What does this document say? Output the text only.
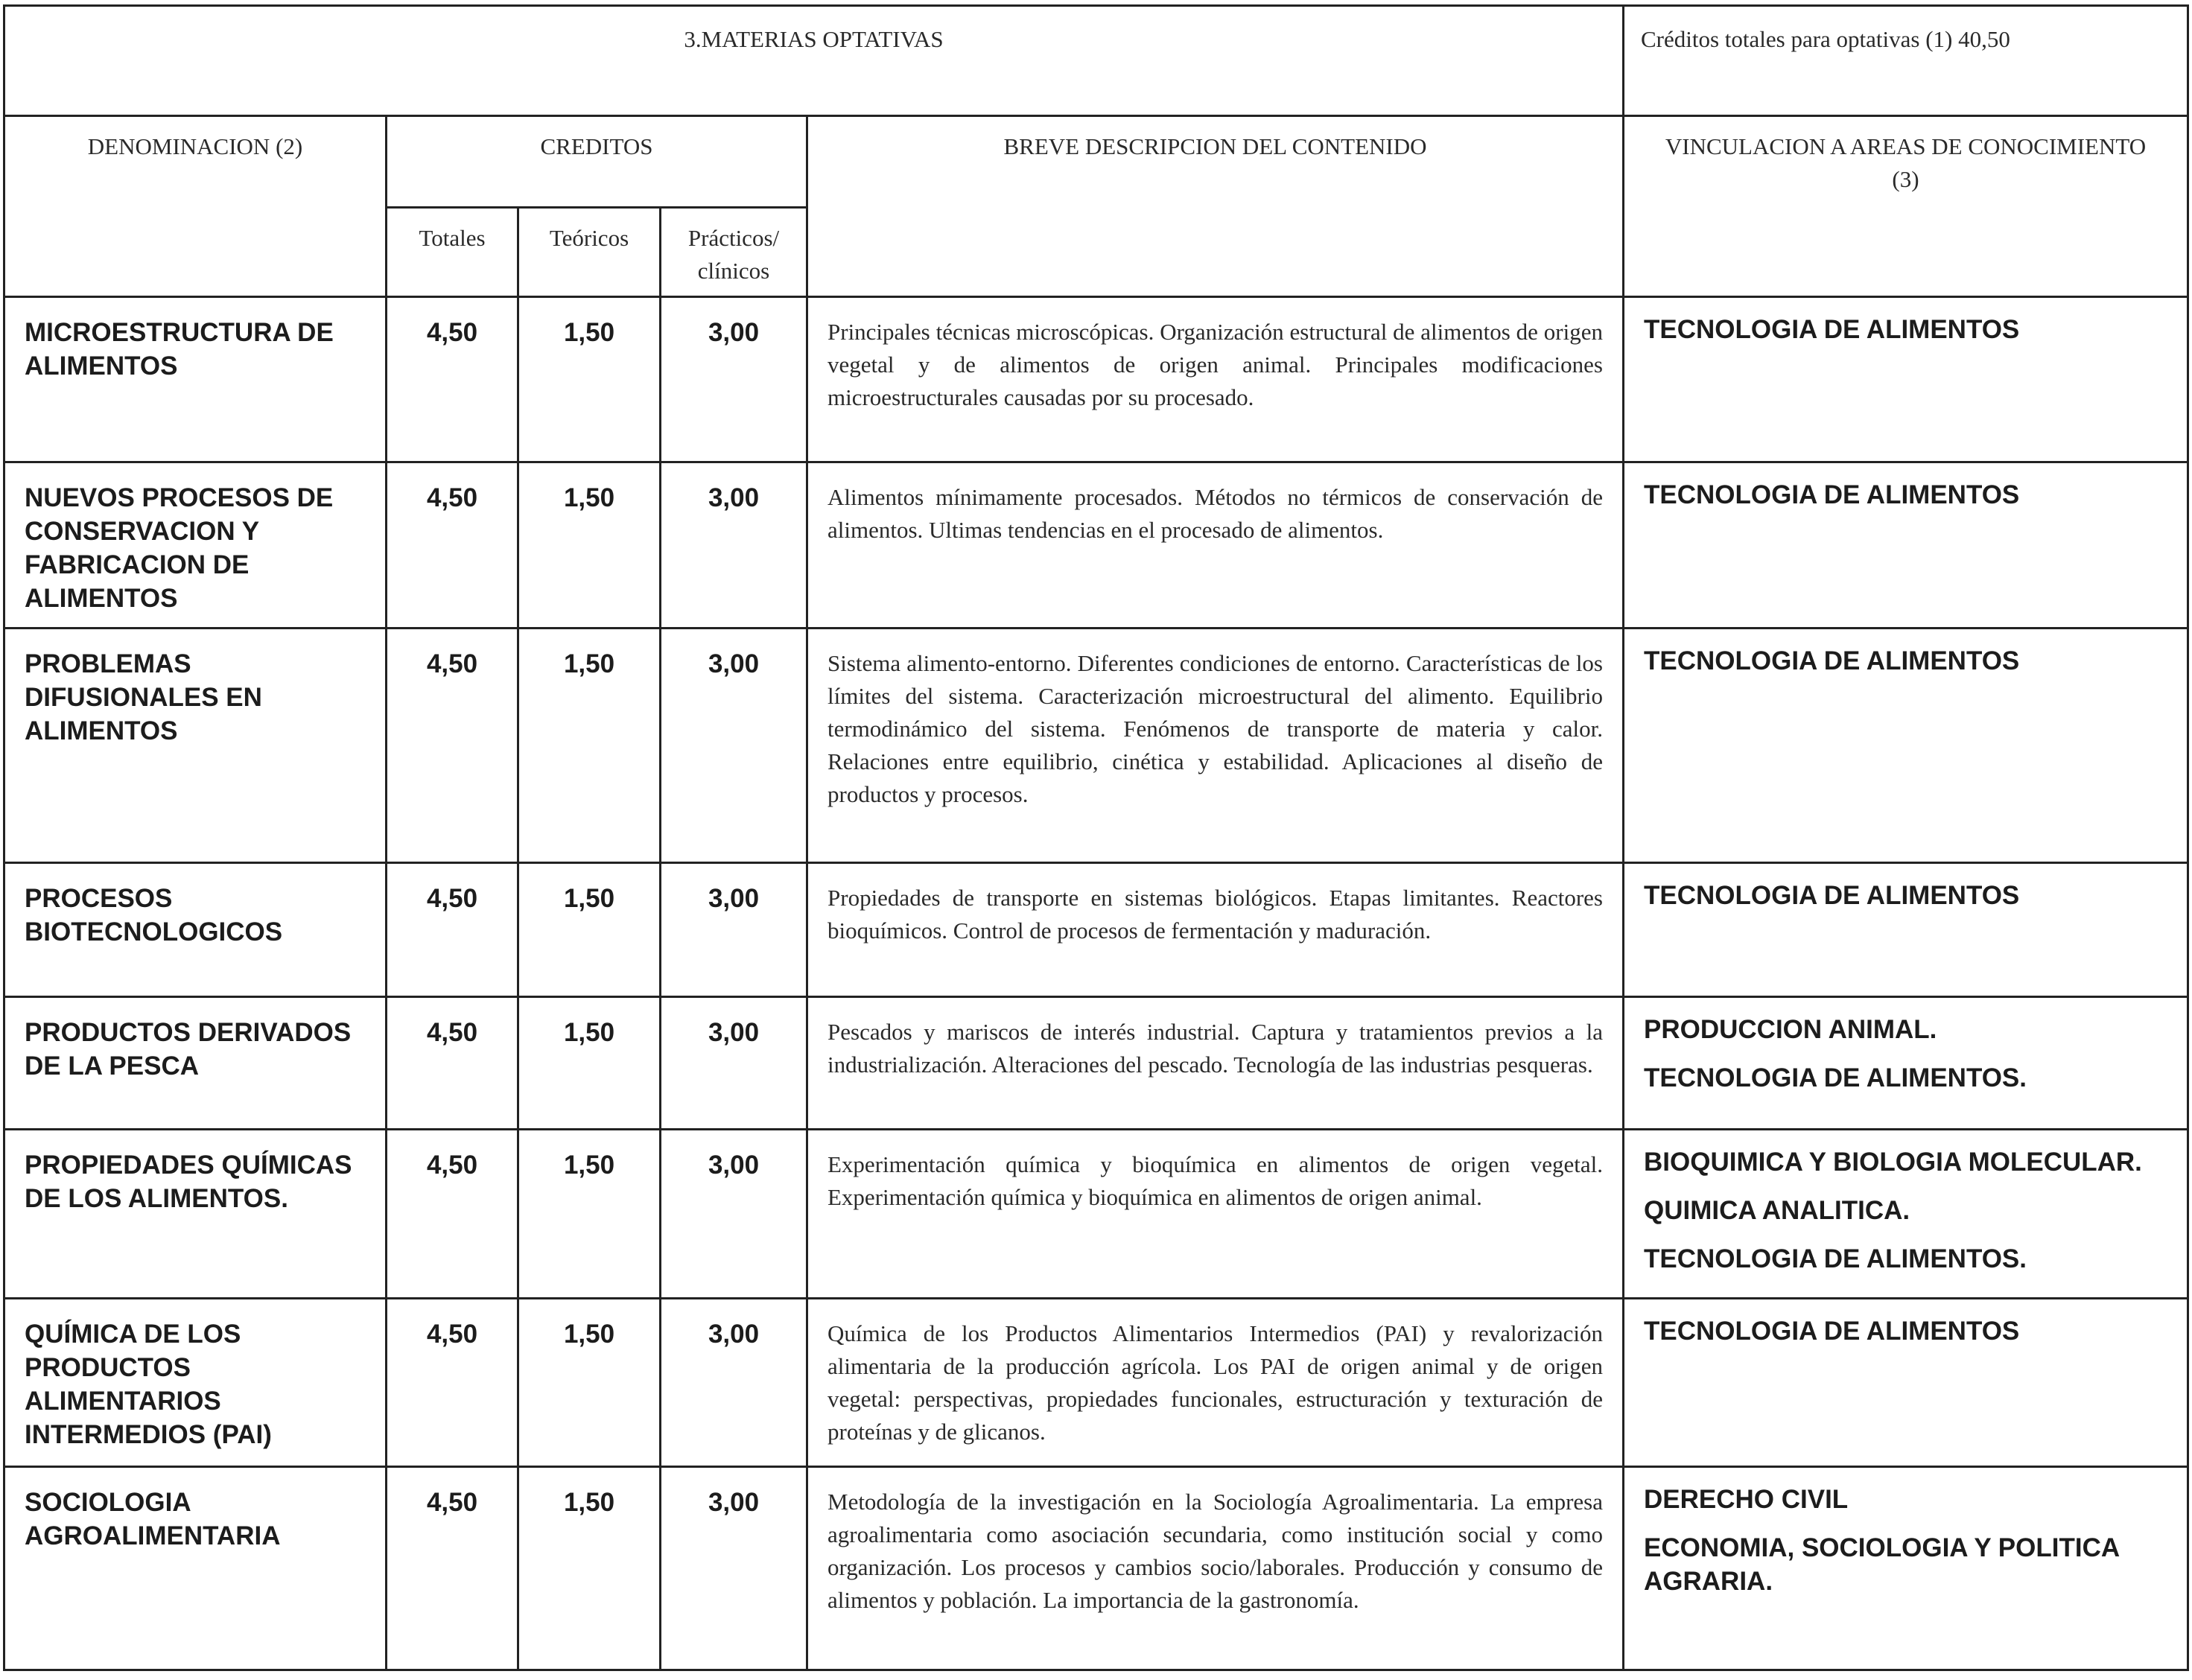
3.MATERIAS OPTATIVAS					Créditos totales para optativas (1) 40,50
DENOMINACION (2)	CREDITOS			BREVE DESCRIPCION DEL CONTENIDO	VINCULACION A AREAS DE CONOCIMIENTO (3)
	Totales	Teóricos	Prácticos/ clínicos		
MICROESTRUCTURA DE ALIMENTOS	4,50	1,50	3,00	Principales técnicas microscópicas. Organización estructural de alimentos de origen vegetal y de alimentos de origen animal. Principales modificaciones microestructurales causadas por su procesado.	TECNOLOGIA DE ALIMENTOS

NUEVOS PROCESOS DE CONSERVACION Y FABRICACION DE ALIMENTOS	4,50	1,50	3,00	Alimentos mínimamente procesados. Métodos no térmicos de conservación de alimentos. Ultimas tendencias en el procesado de alimentos.	TECNOLOGIA DE ALIMENTOS

PROBLEMAS DIFUSIONALES EN ALIMENTOS	4,50	1,50	3,00	Sistema alimento-entorno. Diferentes condiciones de entorno. Características de los límites del sistema. Caracterización microestructural del alimento. Equilibrio termodinámico del sistema. Fenómenos de transporte de materia y calor. Relaciones entre equilibrio, cinética y estabilidad. Aplicaciones al diseño de productos y procesos.	TECNOLOGIA DE ALIMENTOS

PROCESOS BIOTECNOLOGICOS	4,50	1,50	3,00	Propiedades de transporte en sistemas biológicos. Etapas limitantes. Reactores bioquímicos. Control de procesos de fermentación y maduración.	TECNOLOGIA DE ALIMENTOS

PRODUCTOS DERIVADOS DE LA PESCA	4,50	1,50	3,00	Pescados y mariscos de interés industrial. Captura y tratamientos previos a la industrialización. Alteraciones del pescado. Tecnología de las industrias pesqueras.	PRODUCCION ANIMAL.
TECNOLOGIA DE ALIMENTOS.

PROPIEDADES QUÍMICAS DE LOS ALIMENTOS.	4,50	1,50	3,00	Experimentación química y bioquímica en alimentos de origen vegetal. Experimentación química y bioquímica en alimentos de origen animal.	BIOQUIMICA Y BIOLOGIA MOLECULAR.
QUIMICA ANALITICA.
TECNOLOGIA DE ALIMENTOS.

QUÍMICA DE LOS PRODUCTOS ALIMENTARIOS INTERMEDIOS (PAI)	4,50	1,50	3,00	Química de los Productos Alimentarios Intermedios (PAI) y revalorización alimentaria de la producción agrícola. Los PAI de origen animal y de origen vegetal: perspectivas, propiedades funcionales, estructuración y texturación de proteínas y de glicanos.	TECNOLOGIA DE ALIMENTOS

SOCIOLOGIA AGROALIMENTARIA	4,50	1,50	3,00	Metodología de la investigación en la Sociología Agroalimentaria. La empresa agroalimentaria como asociación secundaria, como institución social y como organización. Los procesos y cambios socio/laborales. Producción y consumo de alimentos y población. La importancia de la gastronomía.	DERECHO CIVIL
ECONOMIA, SOCIOLOGIA Y POLITICA AGRARIA.
